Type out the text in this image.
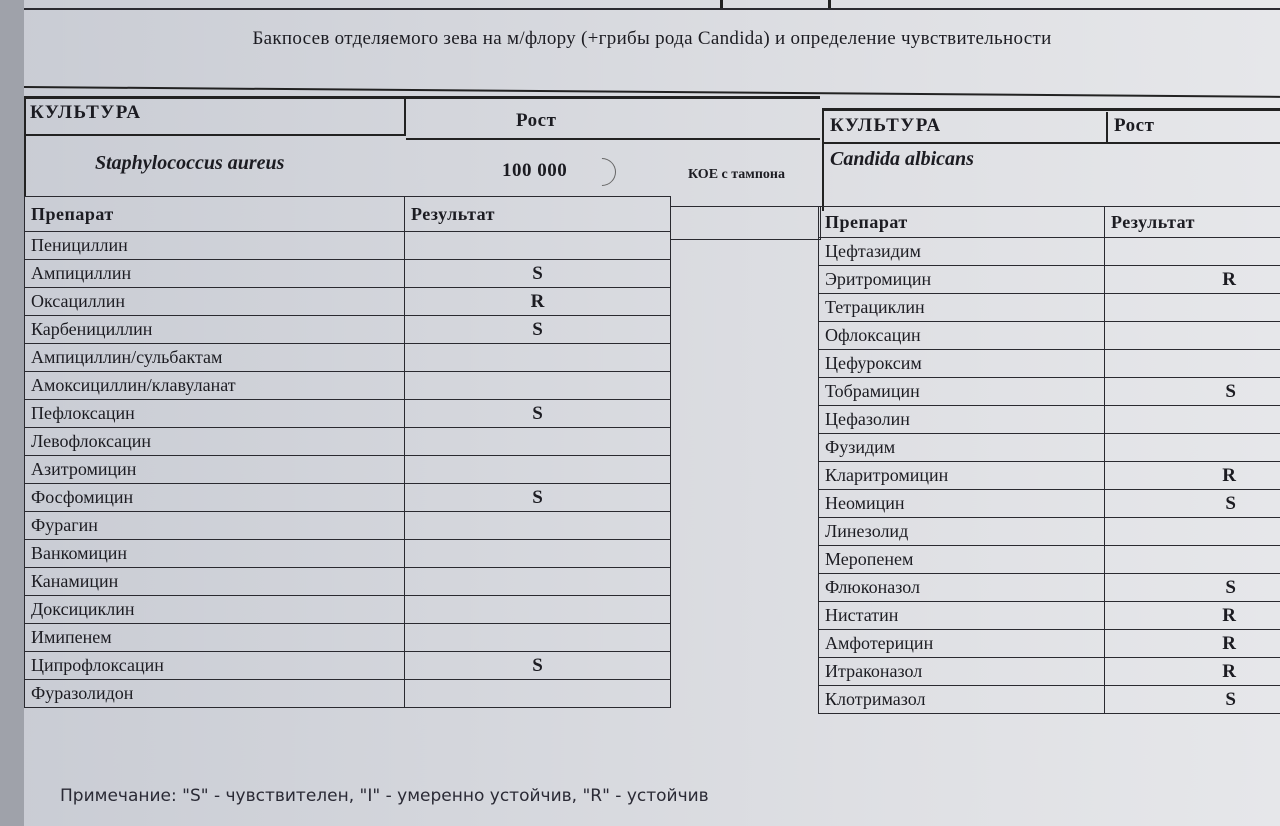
Бакпосев отделяемого зева на м/флору (+грибы рода Candida) и определение чувствительности
КУЛЬТУРА	Рост
Staphylococcus aureus	100 000	КОЕ с тампона
Препарат	Результат
Пенициллин	
Ампициллин	S
Оксациллин	R
Карбенициллин	S
Ампициллин/сульбактам	
Амоксициллин/клавуланат	
Пефлоксацин	S
Левофлоксацин	
Азитромицин	
Фосфомицин	S
Фурагин	
Ванкомицин	
Канамицин	
Доксициклин	
Имипенем	
Ципрофлоксацин	S
Фуразолидон	
КУЛЬТУРА	Рост
Candida albicans
Препарат	Результат
Цефтазидим	
Эритромицин	R
Тетрациклин	
Офлоксацин	
Цефуроксим	
Тобрамицин	S
Цефазолин	
Фузидим	
Кларитромицин	R
Неомицин	S
Линезолид	
Меропенем	
Флюконазол	S
Нистатин	R
Амфотерицин	R
Итраконазол	R
Клотримазол	S
Примечание: "S" - чувствителен, "I" - умеренно устойчив, "R" - устойчив
